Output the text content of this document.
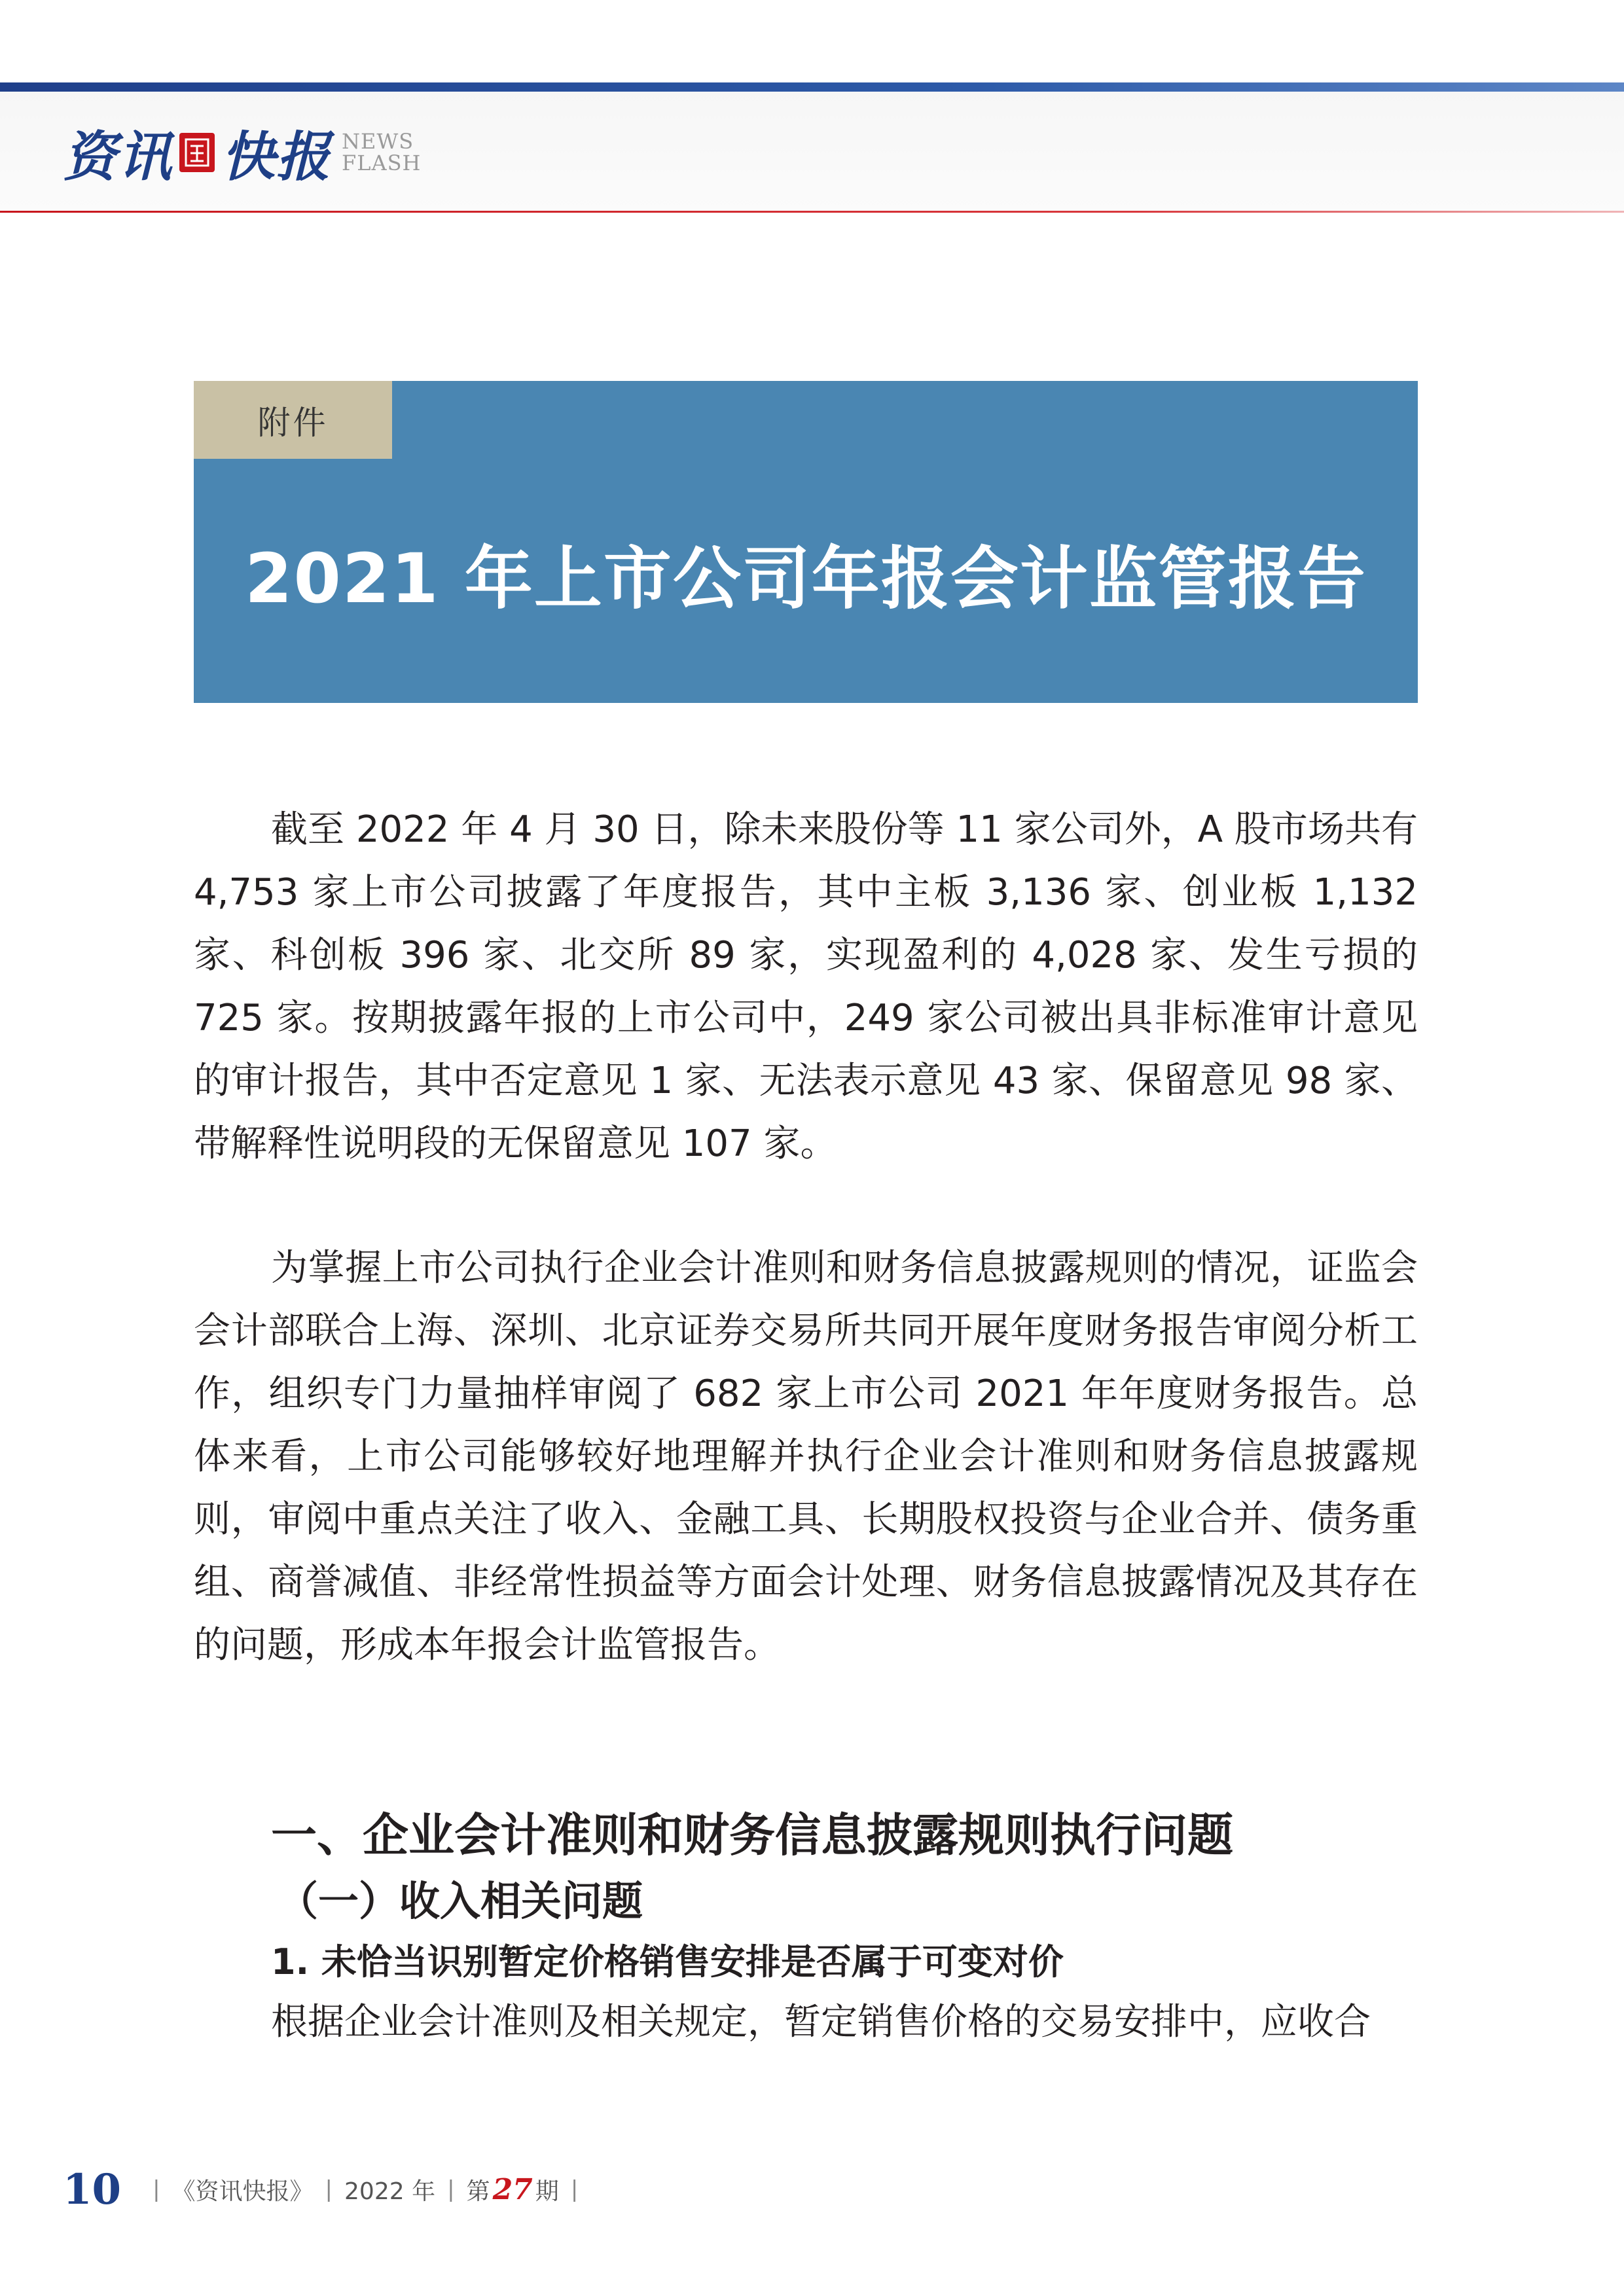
资讯 快报 NEWS
FLASH
附件
2021 年上市公司年报会计监管报告

截至 2022 年 4 月 30 日，除未来股份等 11 家公司外，A 股市场共有 4,753 家上市公司披露了年度报告，其中主板 3,136 家、创业板 1,132 家、科创板 396 家、北交所 89 家，实现盈利的 4,028 家、发生亏损的 725 家。按期披露年报的上市公司中，249 家公司被出具非标准审计意见的审计报告，其中否定意见 1 家、无法表示意见 43 家、保留意见 98 家、带解释性说明段的无保留意见 107 家。

为掌握上市公司执行企业会计准则和财务信息披露规则的情况，证监会会计部联合上海、深圳、北京证券交易所共同开展年度财务报告审阅分析工作，组织专门力量抽样审阅了 682 家上市公司 2021 年年度财务报告。总体来看，上市公司能够较好地理解并执行企业会计准则和财务信息披露规则，审阅中重点关注了收入、金融工具、长期股权投资与企业合并、债务重组、商誉减值、非经常性损益等方面会计处理、财务信息披露情况及其存在的问题，形成本年报会计监管报告。

一、企业会计准则和财务信息披露规则执行问题
（一）收入相关问题
1. 未恰当识别暂定价格销售安排是否属于可变对价

根据企业会计准则及相关规定，暂定销售价格的交易安排中，应收合

10 | 《资讯快报》 | 2022 年 | 第 27 期 |
